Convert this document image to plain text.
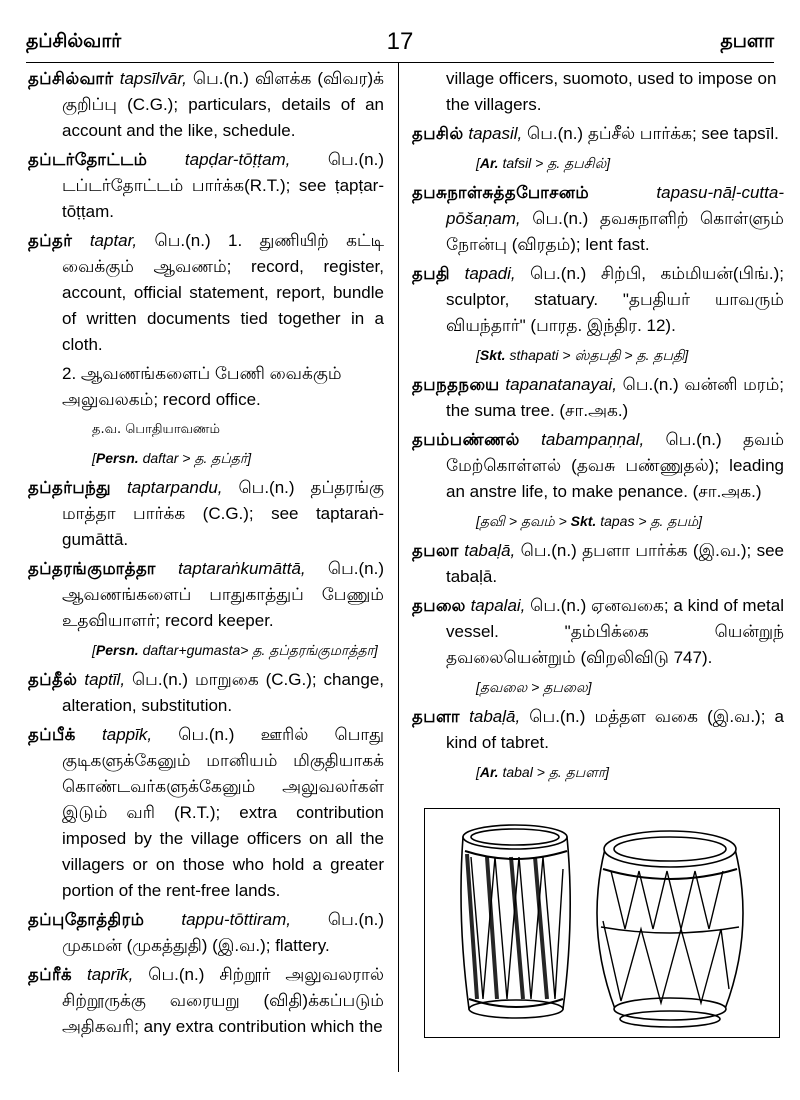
தப்சில்வார்	17	தபளா

தப்சில்வார் tapsīlvār, பெ.(n.) விளக்க (விவர)க் குறிப்பு (C.G.); particulars, details of an account and the like, schedule.

தப்டர்தோட்டம் tapḍar-tōṭṭam, பெ.(n.) டப்டர்தோட்டம் பார்க்க(R.T.); see ṭapṭar-tōṭṭam.

தப்தர் taptar, பெ.(n.) 1. துணியிற் கட்டி வைக்கும் ஆவணம்; record, register, account, official statement, report, bundle of written documents tied together in a cloth.

2. ஆவணங்களைப் பேணி வைக்கும் அலுவலகம்; record office.

த.வ. பொதியாவணம்

[Persn. daftar > த. தப்தர்]

தப்தர்பந்து taptarpandu, பெ.(n.) தப்தரங்கு மாத்தா பார்க்க (C.G.); see taptaraṅ-gumāttā.

தப்தரங்குமாத்தா taptaraṅkumāttā, பெ.(n.) ஆவணங்களைப் பாதுகாத்துப் பேணும் உதவியாளர்; record keeper.

[Persn. daftar+gumasta> த. தப்தரங்குமாத்தா]

தப்தீல் taptīl, பெ.(n.) மாறுகை (C.G.); change, alteration, substitution.

தப்பீக் tappīk, பெ.(n.) ஊரில் பொது குடிகளுக்கேனும் மானியம் மிகுதியாகக் கொண்டவர்களுக்கேனும் அலுவலர்கள் இடும் வரி (R.T.); extra contribution imposed by the village officers on all the villagers or on those who hold a greater portion of the rent-free lands.

தப்புதோத்திரம் tappu-tōttiram, பெ.(n.) முகமன் (முகத்துதி) (இ.வ.); flattery.

தப்ரீக் taprīk, பெ.(n.) சிற்றூர் அலுவலரால் சிற்றூருக்கு வரையறு (விதி)க்கப்படும் அதிகவரி; any extra contribution which the

village officers, suomoto, used to impose on the villagers.

தபசில் tapasil, பெ.(n.) தப்சீல் பார்க்க; see tapsīl.

[Ar. tafsil > த. தபசில்]

தபசுநாள்சுத்தபோசனம்	tapasu-nāḷ-cutta-pōšaṇam, பெ.(n.) தவசுநாளிற் கொள்ளும் நோன்பு (விரதம்); lent fast.

தபதி tapadi, பெ.(n.) சிற்பி, கம்மியன்(பிங்.); sculptor, statuary. "தபதியர் யாவரும் வியந்தார்" (பாரத. இந்திர. 12).

[Skt. sthapati > ஸ்தபதி > த. தபதி]

தபநதநயை tapanatanayai, பெ.(n.) வன்னி மரம்; the suma tree. (சா.அக.)

தபம்பண்ணல் tabampaṇṇal, பெ.(n.) தவம் மேற்கொள்ளல் (தவசு பண்ணுதல்); leading an anstre life, to make penance. (சா.அக.)

[தவி > தவம் > Skt. tapas > த. தபம்]

தபலா tabaḷā, பெ.(n.) தபளா பார்க்க (இ.வ.); see tabaḷā.

தபலை tapalai, பெ.(n.) ஏனவகை; a kind of metal vessel. "தம்பிக்கை யென்றுந் தவலையென்றும் (விறலிவிடு 747).

[தவலை > தபலை]

தபளா tabaḷā, பெ.(n.) மத்தள வகை (இ.வ.); a kind of tabret.

[Ar. tabal > த. தபளா]
